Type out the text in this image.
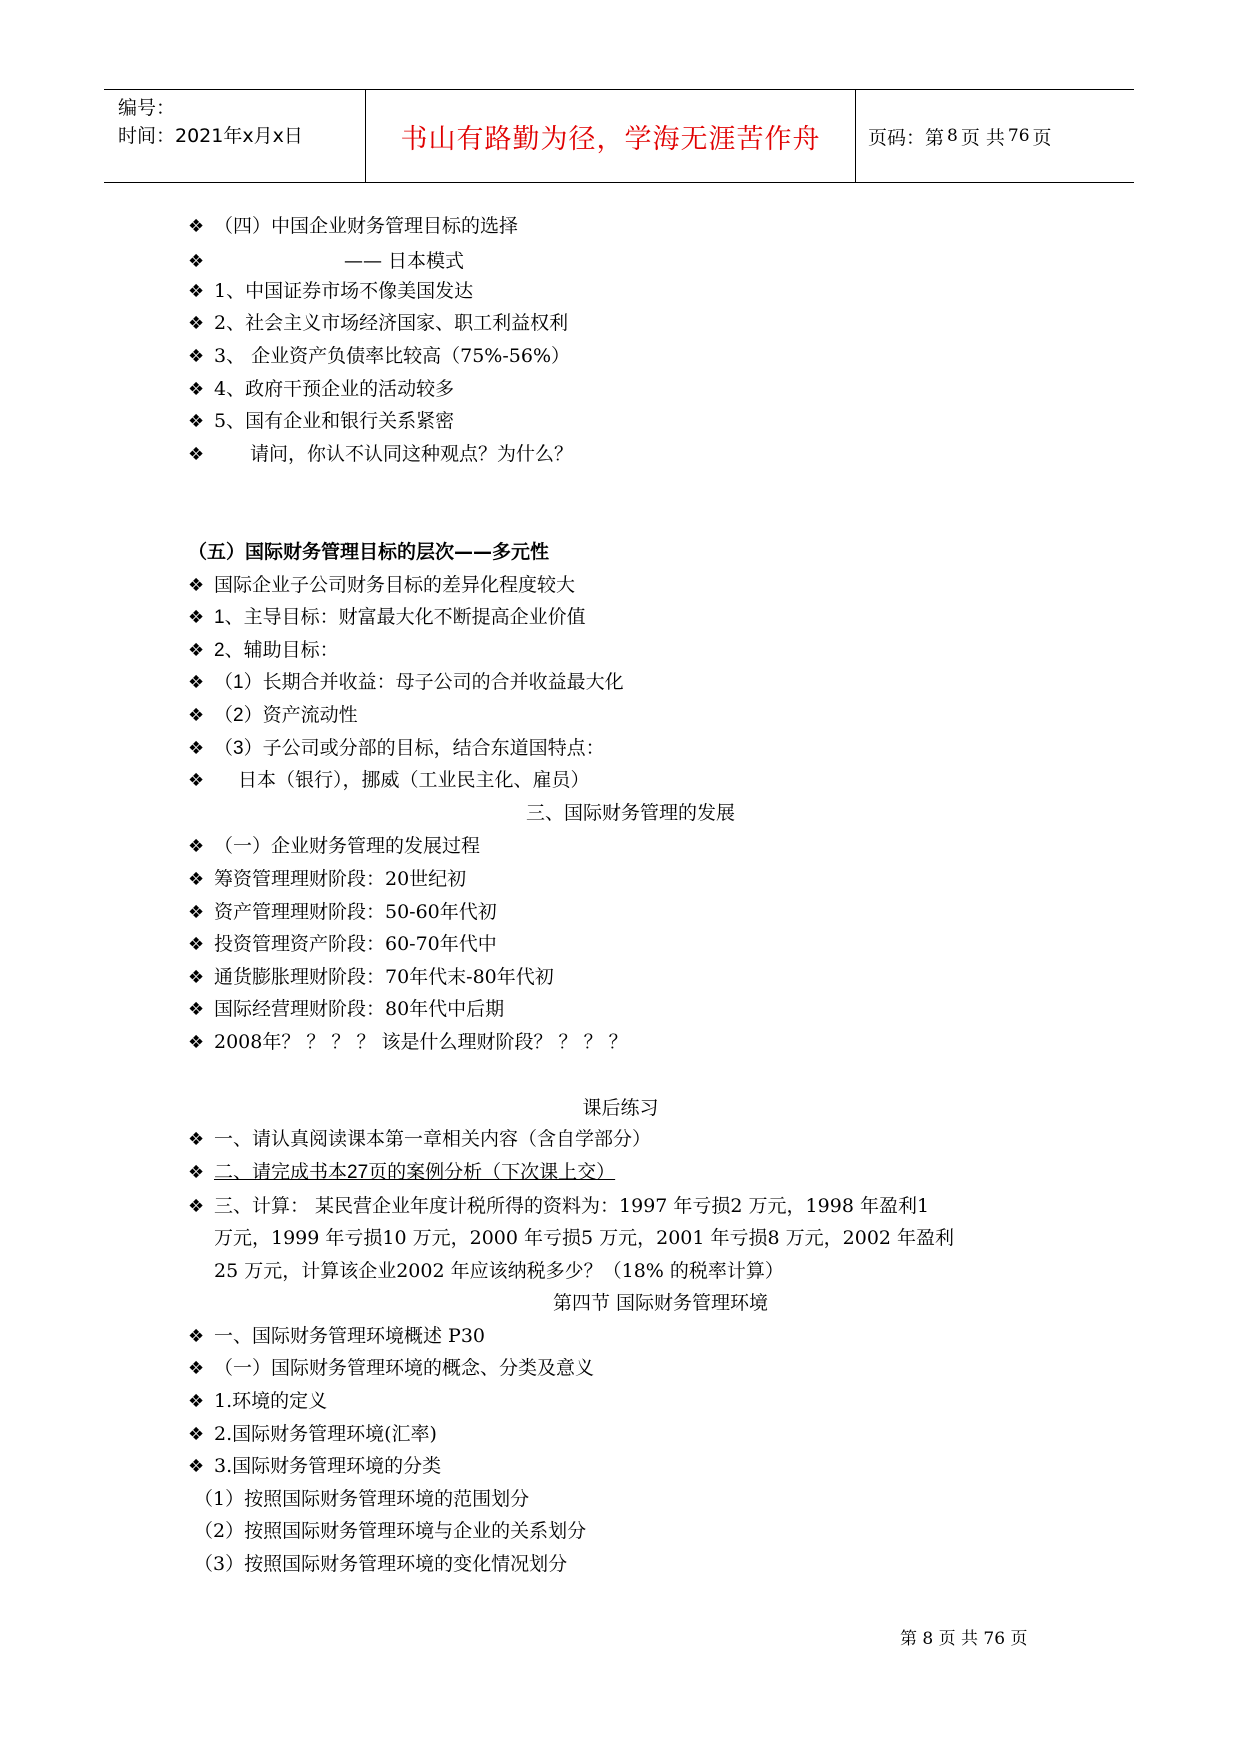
编号：
时间：2021年x月x日	书山有路勤为径，学海无涯苦作舟	页码：第 8 页 共 76 页
❖ （四）中国企业财务管理目标的选择
❖	—— 日本模式
❖ 1、中国证券市场不像美国发达
❖ 2、社会主义市场经济国家、职工利益权利
❖ 3、 企业资产负债率比较高（75%-56%）
❖ 4、政府干预企业的活动较多
❖ 5、国有企业和银行关系紧密
❖ 请问，你认不认同这种观点？为什么？
（五）国际财务管理目标的层次——多元性
❖ 国际企业子公司财务目标的差异化程度较大
❖ 1、主导目标：财富最大化不断提高企业价值
❖ 2、辅助目标：
❖ （1）长期合并收益：母子公司的合并收益最大化
❖ （2）资产流动性
❖ （3）子公司或分部的目标，结合东道国特点：
❖ 日本（银行），挪威（工业民主化、雇员）
三、国际财务管理的发展
❖ （一）企业财务管理的发展过程
❖ 筹资管理理财阶段：20世纪初
❖ 资产管理理财阶段：50-60年代初
❖ 投资管理资产阶段：60-70年代中
❖ 通货膨胀理财阶段：70年代末-80年代初
❖ 国际经营理财阶段：80年代中后期
❖ 2008年？ ？ ？ ？ 该是什么理财阶段？ ？ ？ ？
课后练习
❖ 一、请认真阅读课本第一章相关内容（含自学部分）
❖ 二、请完成书本27页的案例分析（下次课上交）
❖ 三、计算： 某民营企业年度计税所得的资料为：1997 年亏损2 万元，1998 年盈利1
万元，1999 年亏损10 万元，2000 年亏损5 万元，2001 年亏损8 万元，2002 年盈利
25 万元，计算该企业2002 年应该纳税多少？（18% 的税率计算）
第四节 国际财务管理环境
❖ 一、国际财务管理环境概述 P30
❖ （一）国际财务管理环境的概念、分类及意义
❖ 1.环境的定义
❖ 2.国际财务管理环境(汇率)
❖ 3.国际财务管理环境的分类
（1）按照国际财务管理环境的范围划分
（2）按照国际财务管理环境与企业的关系划分
（3）按照国际财务管理环境的变化情况划分
第 8 页 共 76 页
